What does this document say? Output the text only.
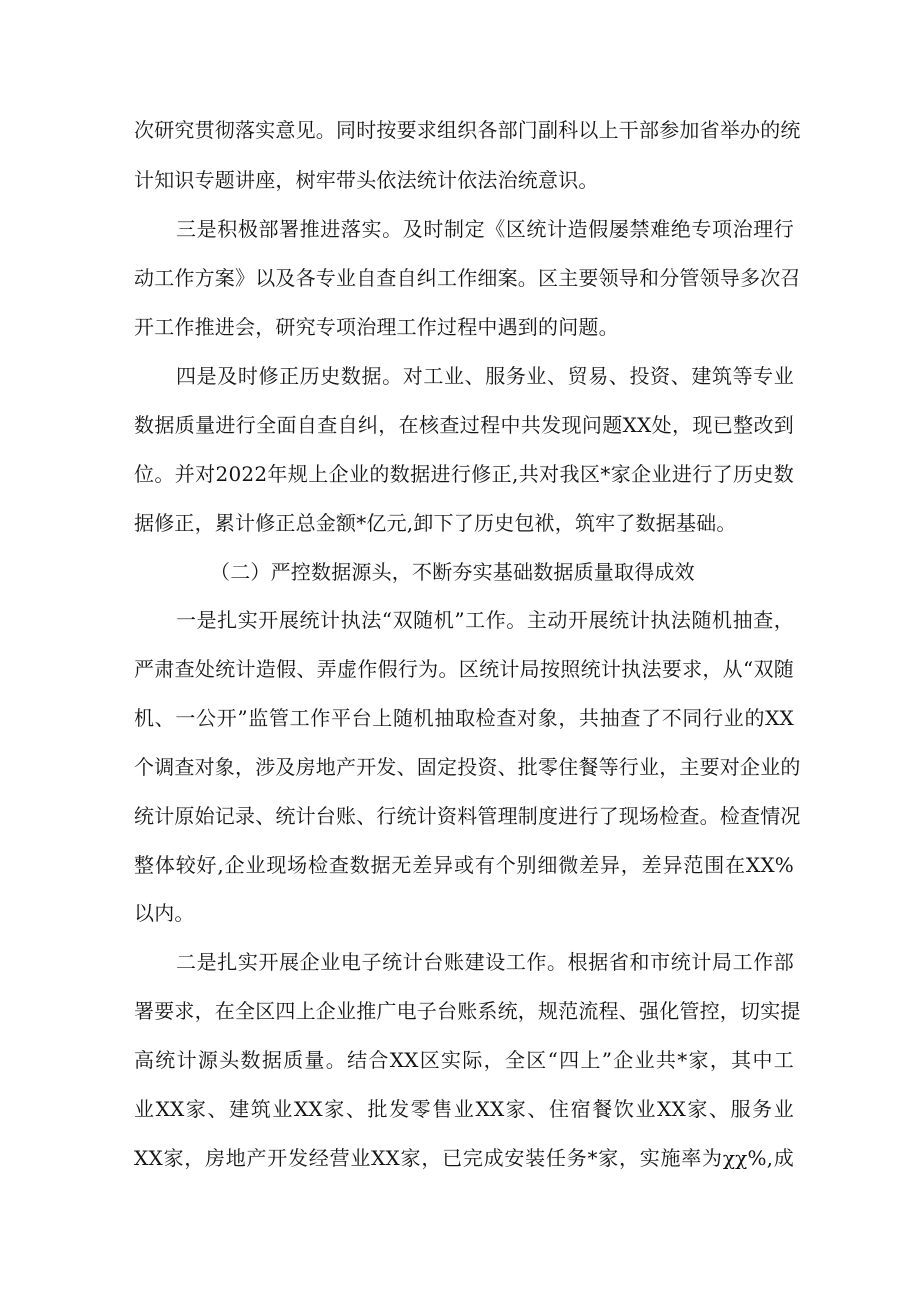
次研究贯彻落实意见。同时按要求组织各部门副科以上干部参加省举办的统
计知识专题讲座，树牢带头依法统计依法治统意识。
三是积极部署推进落实。及时制定《区统计造假屡禁难绝专项治理行
动工作方案》以及各专业自查自纠工作细案。区主要领导和分管领导多次召
开工作推进会，研究专项治理工作过程中遇到的问题。
四是及时修正历史数据。对工业、服务业、贸易、投资、建筑等专业
数据质量进行全面自查自纠，在核查过程中共发现问题XX处，现已整改到
位。并对2022年规上企业的数据进行修正,共对我区*家企业进行了历史数
据修正，累计修正总金额*亿元,卸下了历史包袱，筑牢了数据基础。
（二）严控数据源头，不断夯实基础数据质量取得成效
一是扎实开展统计执法“双随机”工作。主动开展统计执法随机抽查，
严肃查处统计造假、弄虚作假行为。区统计局按照统计执法要求，从“双随
机、一公开”监管工作平台上随机抽取检查对象，共抽查了不同行业的XX
个调查对象，涉及房地产开发、固定投资、批零住餐等行业，主要对企业的
统计原始记录、统计台账、行统计资料管理制度进行了现场检查。检查情况
整体较好,企业现场检查数据无差异或有个别细微差异，差异范围在XX%
以内。
二是扎实开展企业电子统计台账建设工作。根据省和市统计局工作部
署要求，在全区四上企业推广电子台账系统，规范流程、强化管控，切实提
高统计源头数据质量。结合XX区实际，全区“四上”企业共*家，其中工
业XX家、建筑业XX家、批发零售业XX家、住宿餐饮业XX家、服务业
XX家，房地产开发经营业XX家，已完成安装任务*家，实施率为χχ%,成
